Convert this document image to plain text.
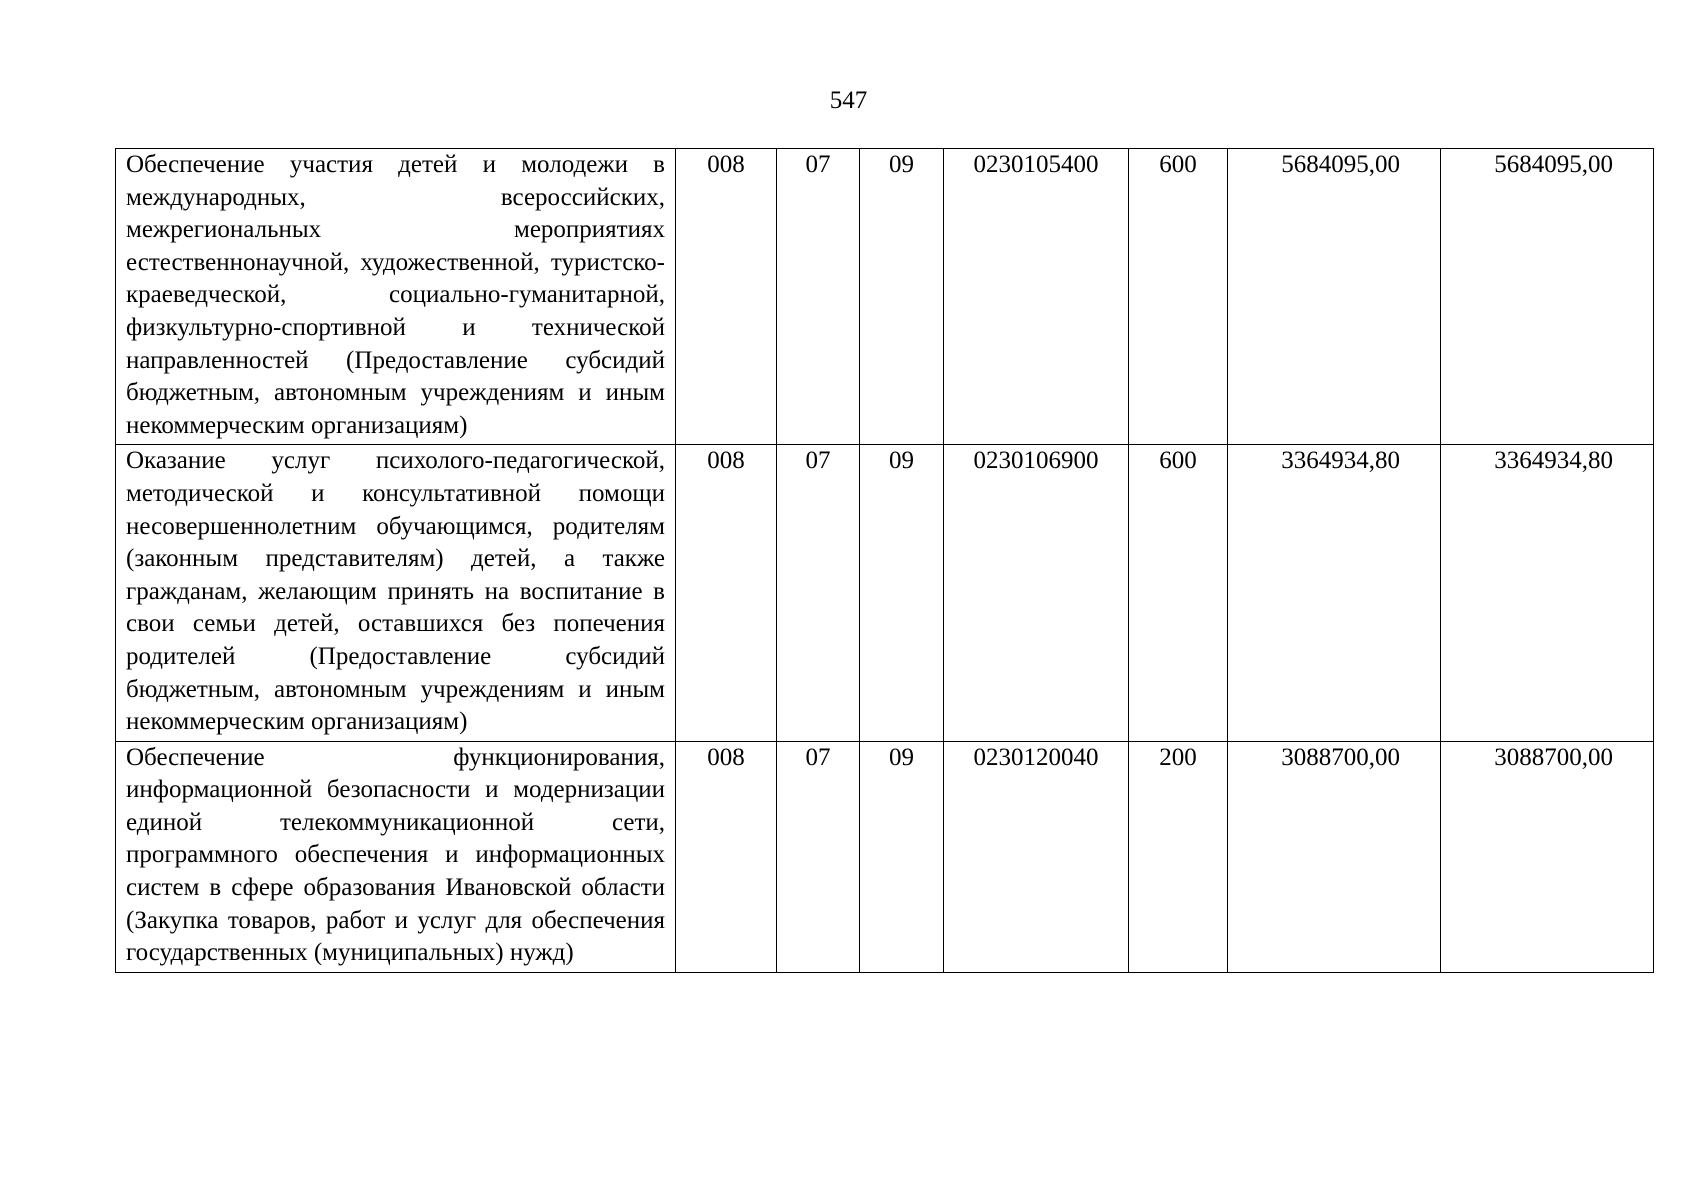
547
Обеспечение участия детей и молодежи в международных, всероссийских, межрегиональных мероприятиях естественнонаучной, художественной, туристско-краеведческой, социально-гуманитарной, физкультурно-спортивной и технической направленностей (Предоставление субсидий бюджетным, автономным учреждениям и иным некоммерческим организациям)	008	07	09	0230105400	600	5684095,00	5684095,00
Оказание услуг психолого-педагогической, методической и консультативной помощи несовершеннолетним обучающимся, родителям (законным представителям) детей, а также гражданам, желающим принять на воспитание в свои семьи детей, оставшихся без попечения родителей (Предоставление субсидий бюджетным, автономным учреждениям и иным некоммерческим организациям)	008	07	09	0230106900	600	3364934,80	3364934,80
Обеспечение функционирования, информационной безопасности и модернизации единой телекоммуникационной сети, программного обеспечения и информационных систем в сфере образования Ивановской области (Закупка товаров, работ и услуг для обеспечения государственных (муниципальных) нужд)	008	07	09	0230120040	200	3088700,00	3088700,00
